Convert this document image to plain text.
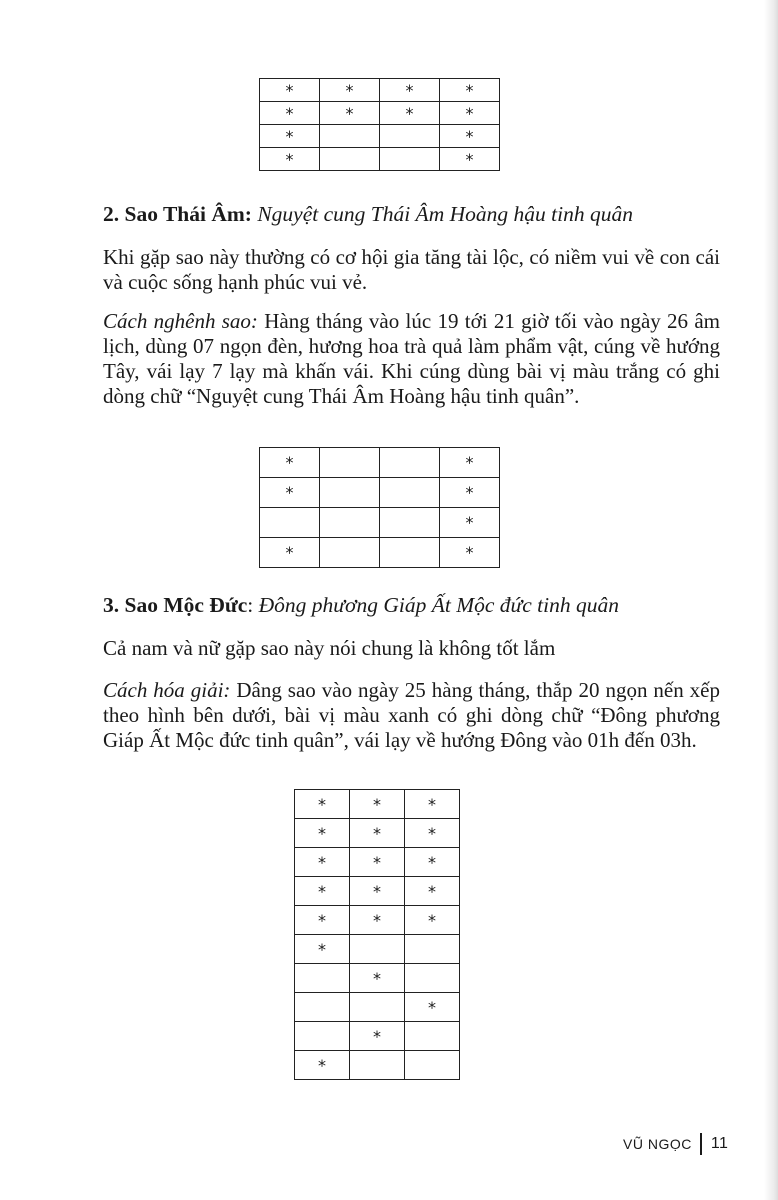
*	*	*	*
*	*	*	*
*			*
*			*
2. Sao Thái Âm: Nguyệt cung Thái Âm Hoàng hậu tinh quân

Khi gặp sao này thường có cơ hội gia tăng tài lộc, có niềm vui về con cái và cuộc sống hạnh phúc vui vẻ.

Cách nghênh sao: Hàng tháng vào lúc 19 tới 21 giờ tối vào ngày 26 âm lịch, dùng 07 ngọn đèn, hương hoa trà quả làm phẩm vật, cúng về hướng Tây, vái lạy 7 lạy mà khấn vái. Khi cúng dùng bài vị màu trắng có ghi dòng chữ “Nguyệt cung Thái Âm Hoàng hậu tinh quân”.

*			*
*			*
			*
*			*
3. Sao Mộc Đức: Đông phương Giáp Ất Mộc đức tinh quân

Cả nam và nữ gặp sao này nói chung là không tốt lắm

Cách hóa giải: Dâng sao vào ngày 25 hàng tháng, thắp 20 ngọn nến xếp theo hình bên dưới, bài vị màu xanh có ghi dòng chữ “Đông phương Giáp Ất Mộc đức tinh quân”, vái lạy về hướng Đông vào 01h đến 03h.

*	*	*
*	*	*
*	*	*
*	*	*
*	*	*
*		
	*	
		*
	*	
*		
VŨ NGỌC 11
